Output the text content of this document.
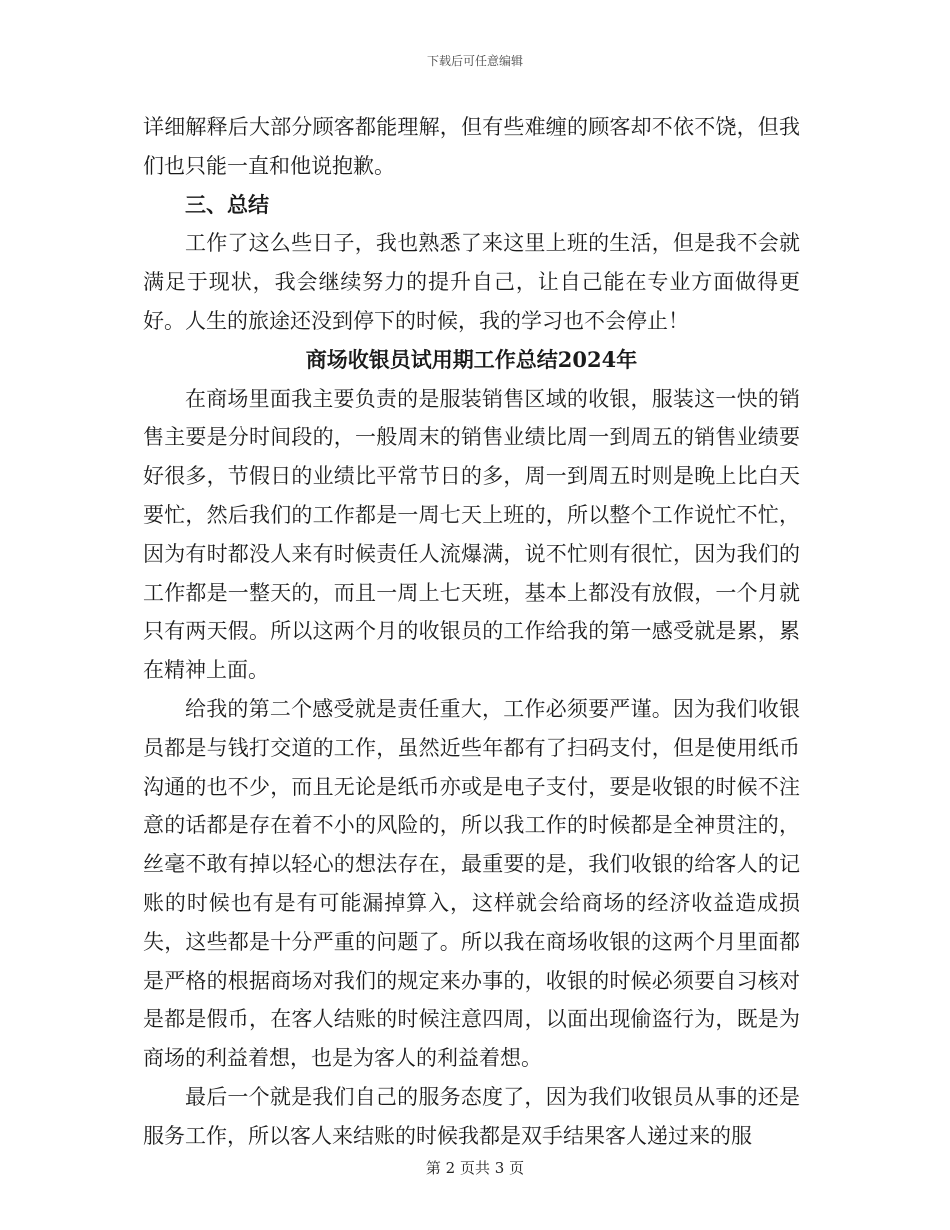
下载后可任意编辑

详细解释后大部分顾客都能理解，但有些难缠的顾客却不依不饶，但我们也只能一直和他说抱歉。

三、总结

工作了这么些日子，我也熟悉了来这里上班的生活，但是我不会就满足于现状，我会继续努力的提升自己，让自己能在专业方面做得更好。人生的旅途还没到停下的时候，我的学习也不会停止！

商场收银员试用期工作总结2024年

在商场里面我主要负责的是服装销售区域的收银，服装这一快的销售主要是分时间段的，一般周末的销售业绩比周一到周五的销售业绩要好很多，节假日的业绩比平常节日的多，周一到周五时则是晚上比白天要忙，然后我们的工作都是一周七天上班的，所以整个工作说忙不忙，因为有时都没人来有时候责任人流爆满，说不忙则有很忙，因为我们的工作都是一整天的，而且一周上七天班，基本上都没有放假，一个月就只有两天假。所以这两个月的收银员的工作给我的第一感受就是累，累在精神上面。

给我的第二个感受就是责任重大，工作必须要严谨。因为我们收银员都是与钱打交道的工作，虽然近些年都有了扫码支付，但是使用纸币沟通的也不少，而且无论是纸币亦或是电子支付，要是收银的时候不注意的话都是存在着不小的风险的，所以我工作的时候都是全神贯注的，丝毫不敢有掉以轻心的想法存在，最重要的是，我们收银的给客人的记账的时候也有是有可能漏掉算入，这样就会给商场的经济收益造成损失，这些都是十分严重的问题了。所以我在商场收银的这两个月里面都是严格的根据商场对我们的规定来办事的，收银的时候必须要自习核对是都是假币，在客人结账的时候注意四周，以面出现偷盗行为，既是为商场的利益着想，也是为客人的利益着想。

最后一个就是我们自己的服务态度了，因为我们收银员从事的还是服务工作，所以客人来结账的时候我都是双手结果客人递过来的服

第 2 页共 3 页
